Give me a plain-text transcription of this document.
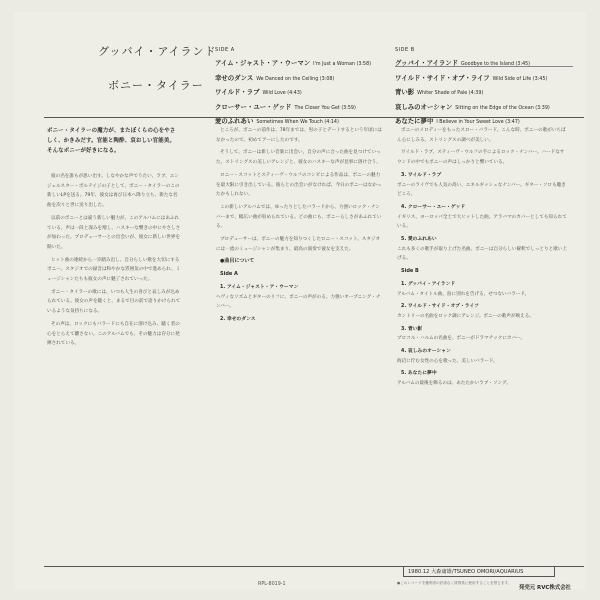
グッバイ・アイランド
ボニー・タイラー
SIDE A
アイム・ジャスト・ア・ウーマン I'm Just a Woman (3:58)
幸せのダンス We Danced on the Ceiling (3:08)
ワイルド・ラブ Wild Love (4:43)
クローサー・ユー・ゲッド The Closer You Get (3:59)
愛のふれあい Sometimes When We Touch (4:14)
SIDE B
グッバイ・アイランド Goodbye to the Island (3:45)
ワイルド・サイド・オブ・ライフ Wild Side of Life (3:45)
青い影 Whiter Shade of Pale (4:39)
哀しみのオーシャン Sitting on the Edge of the Ocean (3:39)
あなたに夢中 I Believe in Your Sweet Love (3:47)
ボニー・タイラーの魔力が、またぼくらの心をやさしく、かきみだす。官能と陶酔、哀おしい官能美。そんなボニーが好きになる。

彼の名を誰もが思い出す。しなやかな声でうたい、ラブ、エンジェルスター・ボルテイジの子として、ボニー・タイラーのこの新しいLPを送る。79年、彼女は再び日本へ降り立ち、新たな名曲を次々と世に送り出した。

以前のボニーとは違う新しい魅力が、このアルバムにはあふれている。声は一段と深みを増し、ハスキーな響きの中にやさしさが加わった。プロデューサーとの出会いが、彼女に新しい世界を開いた。

ヒット曲の連続から一歩踏み出し、自分らしい歌を大切にするボニー。スタジオでの録音は和やかな雰囲気の中で進められ、ミュージシャンたちも彼女の声に魅了されていった。

ボニー・タイラーの歌には、いつも人生の喜びと哀しみが込められている。彼女の声を聴くと、まるで目の前で語りかけられているような気持ちになる。

その声は、ロックにもバラードにも自在に溶け込み、聴く者の心をとらえて離さない。このアルバムでも、その魅力は存分に発揮されている。

ところが、ボニーの前作は、78年までは、男の子とデートするという年頃にはなかったので、初めてアーにしたのです。

そうして、ボニーは新しい音楽に出会い、自分の声に合った曲を見つけていった。ストリングスの美しいアレンジと、彼女のハスキーな声が見事に溶け合う。

ロニー・スコットとスティーヴ・ウルフのコンビによる作品は、ボニーの魅力を最大限に引き出している。彼らとの出会いがなければ、今日のボニーはなかったかもしれない。

この新しいアルバムでは、ゆったりとしたバラードから、力強いロック・ナンバーまで、幅広い曲が収められている。どの曲にも、ボニーらしさがあふれている。

プロデューサーは、ボニーの魅力を知りつくしたロニー・スコット。スタジオには一流のミュージシャンが集まり、最高の演奏で彼女を支えた。

●曲目について

Side A

1. アイム・ジャスト・ア・ウーマン
ヘヴィなリズムとギターのリフに、ボニーの声がのる。力強いオープニング・ナンバー。

2. 幸せのダンス

ボニーのメロディーをもったスロー・バラード。こんな時、ボニーの歌がいちばん心にしみる。ストリングスの調べが美しい。

ワイルド・ラブ、スティーヴ・ウルフの手によるロック・ナンバー。ハードなサウンドの中でもボニーの声はしっかりと響いている。

3. ワイルド・ラブ
ボニーのライヴでも人気の高い、エネルギッシュなナンバー。ギター・ソロも聴きどころ。

4. クローサー・ユー・ゲッド
イギリス、ヨーロッパ全土で大ヒットした曲。アラバマのカバーとしても知られている。

5. 愛のふれあい
これも多くの歌手が取り上げた名曲。ボニーは自分らしい解釈でしっとりと歌い上げる。

Side B

1. グッバイ・アイランド
アルバム・タイトル曲。島に別れを告げる、せつないバラード。

2. ワイルド・サイド・オブ・ライフ
カントリーの名曲をロック調にアレンジ。ボニーの歌声が映える。

3. 青い影
プロコル・ハルムの名曲を、ボニーがドラマチックにカバー。

4. 哀しみのオーシャン
海辺に佇む女性の心を歌った、美しいバラード。

5. あなたに夢中
アルバムの最後を飾るのは、あたたかいラブ・ソング。

1980.12 大森庸雄/TSUNEO OMORI/AQUARIUS
RPL-8019-1	●このレコードを権利者の許諾なく賃貸業に使用することを禁じます。
発売元 RVC株式会社
